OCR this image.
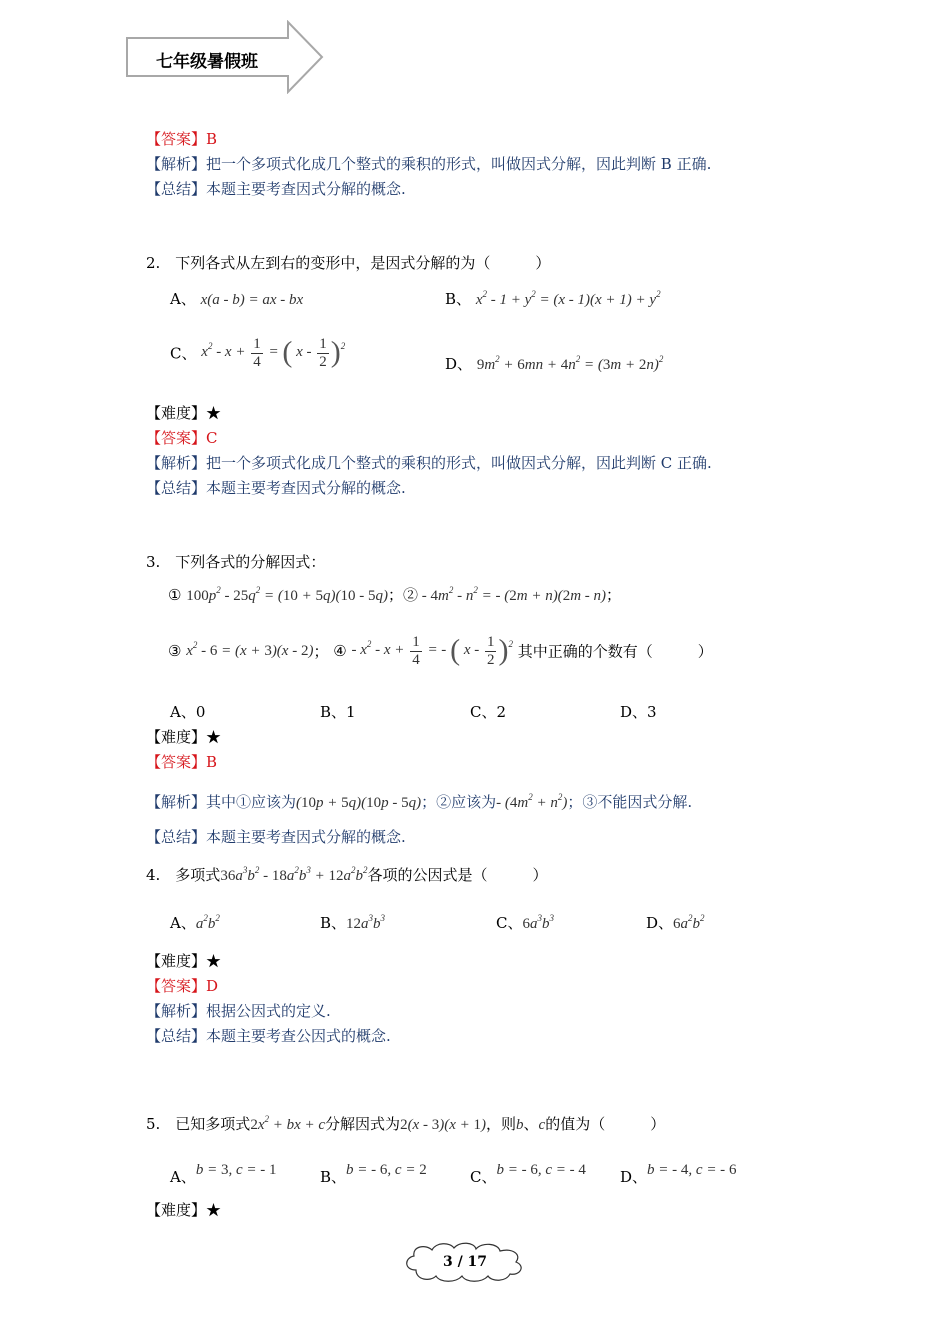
七年级暑假班
【答案】B
【解析】把一个多项式化成几个整式的乘积的形式，叫做因式分解，因此判断 B 正确.
【总结】本题主要考查因式分解的概念.
2.　下列各式从左到右的变形中，是因式分解的为（　　　）
A、 x(a - b) = ax - bx	B、 $x^2 - 1 + y^2 = (x - 1)(x + 1) + y^2$
C、 $x^2 - x + \frac{1}{4}$ = ( x - $\frac{1}{2} )^2$
D、 $9m^2 + 6mn + 4n^2 = (3m + 2n)^2$
【难度】★
【答案】C
【解析】把一个多项式化成几个整式的乘积的形式，叫做因式分解，因此判断 C 正确.
【总结】本题主要考查因式分解的概念.
3.　下列各式的分解因式：
① $100p^2 - 25q^2 = (10 + 5q)(10 - 5q)$；② - $4m^2 - n^2$ = - (2m + n)(2m - n)；
③ $x^2 - 6 = (x + 3)(x - 2)$； ④ - $x^2 - x + \frac{1}{4}$ = - ( x - $\frac{1}{2} )^2$ 其中正确的个数有（　　　）
A、0	B、1	C、2	D、3
【难度】★
【答案】B
【解析】其中①应该为(10p + 5q)(10p - 5q)；②应该为- $(4m^2 + n^2)$；③不能因式分解.
【总结】本题主要考查因式分解的概念.
4.　多项式$36a^3b^2 - 18a^2b^3 + 12a^2b^2$各项的公因式是（　　　）
A、$a^2b^2$	B、$12a^3b^3$	C、$6a^3b^3$	D、$6a^2b^2$
【难度】★
【答案】D
【解析】根据公因式的定义.
【总结】本题主要考查公因式的概念.
5.　已知多项式$2x^2$ + bx + c分解因式为2(x - 3)(x + 1)，则b、c的值为（　　　）
A、b = 3, c = - 1	B、b = - 6, c = 2	C、b = - 6, c = - 4 D、b = - 4, c = - 6
【难度】★
3 / 17
